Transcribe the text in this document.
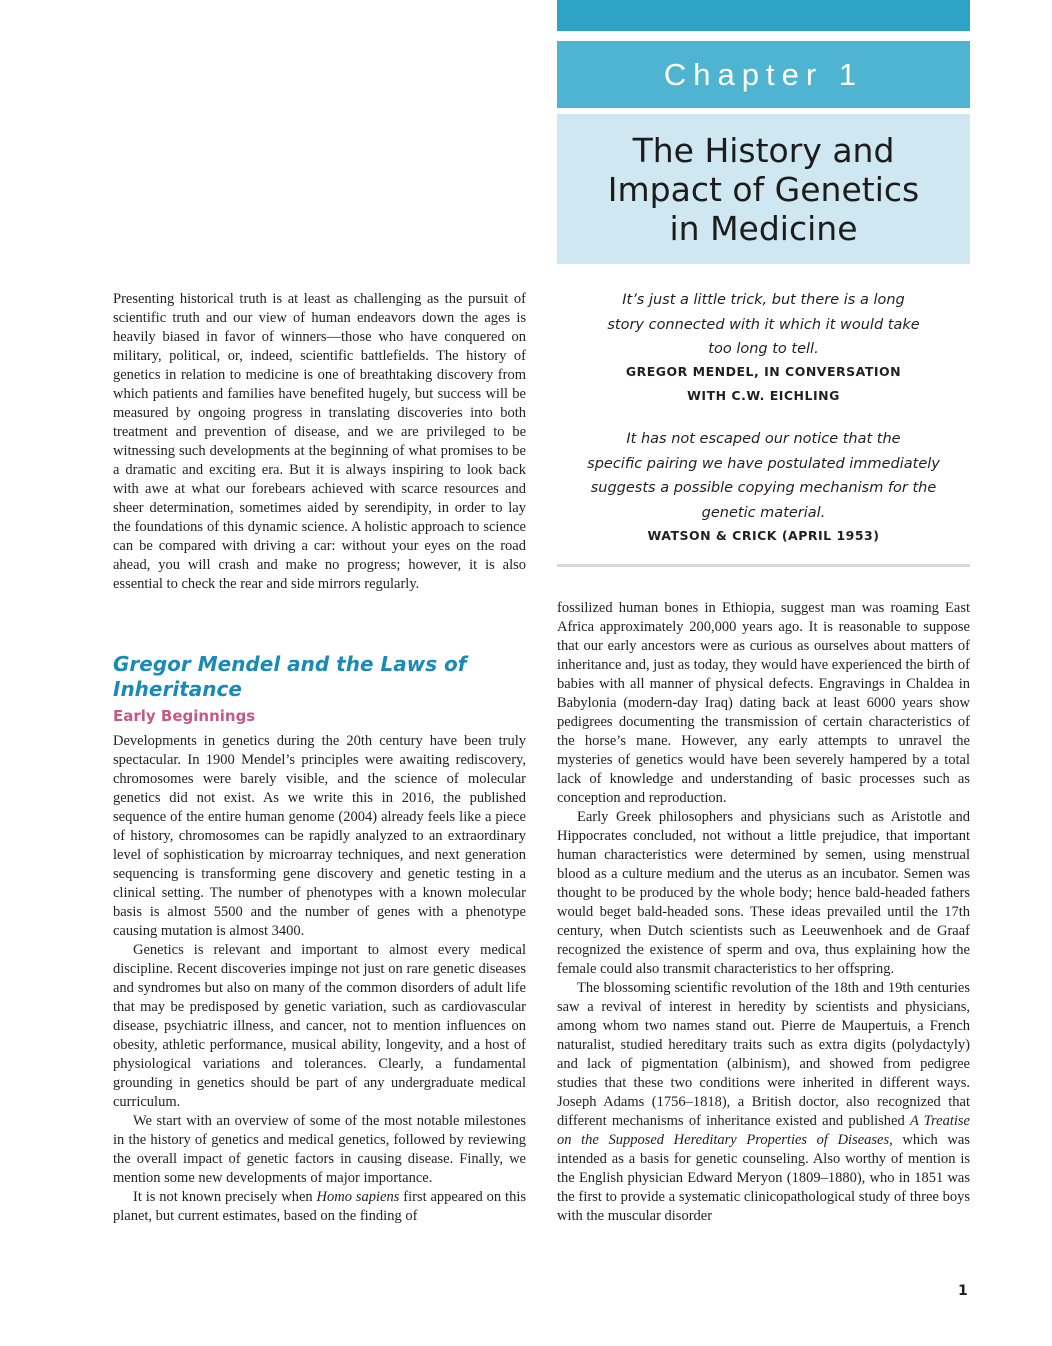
Chapter 1
The History and
Impact of Genetics
in Medicine
It’s just a little trick, but there is a long
story connected with it which it would take
too long to tell.
GREGOR MENDEL, IN CONVERSATION
WITH C.W. EICHLING
It has not escaped our notice that the
specific pairing we have postulated immediately
suggests a possible copying mechanism for the
genetic material.
WATSON & CRICK (APRIL 1953)

Presenting historical truth is at least as challenging as the pursuit of scientific truth and our view of human endeavors down the ages is heavily biased in favor of winners—those who have conquered on military, political, or, indeed, scientific battlefields. The history of genetics in relation to medicine is one of breathtaking discovery from which patients and families have benefited hugely, but success will be measured by ongoing progress in translating discoveries into both treatment and prevention of disease, and we are privileged to be witnessing such developments at the beginning of what promises to be a dramatic and exciting era. But it is always inspiring to look back with awe at what our forebears achieved with scarce resources and sheer determination, sometimes aided by serendipity, in order to lay the foundations of this dynamic science. A holistic approach to science can be compared with driving a car: without your eyes on the road ahead, you will crash and make no progress; however, it is also essential to check the rear and side mirrors regularly.

Gregor Mendel and the Laws of Inheritance
Early Beginnings

Developments in genetics during the 20th century have been truly spectacular. In 1900 Mendel’s principles were awaiting rediscovery, chromosomes were barely visible, and the science of molecular genetics did not exist. As we write this in 2016, the published sequence of the entire human genome (2004) already feels like a piece of history, chromosomes can be rapidly analyzed to an extraordinary level of sophistication by microarray techniques, and next generation sequencing is transforming gene discovery and genetic testing in a clinical setting. The number of phenotypes with a known molecular basis is almost 5500 and the number of genes with a phenotype causing mutation is almost 3400.

Genetics is relevant and important to almost every medical discipline. Recent discoveries impinge not just on rare genetic diseases and syndromes but also on many of the common disorders of adult life that may be predisposed by genetic variation, such as cardiovascular disease, psychiatric illness, and cancer, not to mention influences on obesity, athletic performance, musical ability, longevity, and a host of physiological variations and tolerances. Clearly, a fundamental grounding in genetics should be part of any undergraduate medical curriculum.

We start with an overview of some of the most notable milestones in the history of genetics and medical genetics, followed by reviewing the overall impact of genetic factors in causing disease. Finally, we mention some new developments of major importance.

It is not known precisely when Homo sapiens first appeared on this planet, but current estimates, based on the finding of

fossilized human bones in Ethiopia, suggest man was roaming East Africa approximately 200,000 years ago. It is reasonable to suppose that our early ancestors were as curious as ourselves about matters of inheritance and, just as today, they would have experienced the birth of babies with all manner of physical defects. Engravings in Chaldea in Babylonia (modern-day Iraq) dating back at least 6000 years show pedigrees documenting the transmission of certain characteristics of the horse’s mane. However, any early attempts to unravel the mysteries of genetics would have been severely hampered by a total lack of knowledge and understanding of basic processes such as conception and reproduction.

Early Greek philosophers and physicians such as Aristotle and Hippocrates concluded, not without a little prejudice, that important human characteristics were determined by semen, using menstrual blood as a culture medium and the uterus as an incubator. Semen was thought to be produced by the whole body; hence bald-headed fathers would beget bald-headed sons. These ideas prevailed until the 17th century, when Dutch scientists such as Leeuwenhoek and de Graaf recognized the existence of sperm and ova, thus explaining how the female could also transmit characteristics to her offspring.

The blossoming scientific revolution of the 18th and 19th centuries saw a revival of interest in heredity by scientists and physicians, among whom two names stand out. Pierre de Maupertuis, a French naturalist, studied hereditary traits such as extra digits (polydactyly) and lack of pigmentation (albinism), and showed from pedigree studies that these two conditions were inherited in different ways. Joseph Adams (1756–1818), a British doctor, also recognized that different mechanisms of inheritance existed and published A Treatise on the Supposed Hereditary Properties of Diseases, which was intended as a basis for genetic counseling. Also worthy of mention is the English physician Edward Meryon (1809–1880), who in 1851 was the first to provide a systematic clinicopathological study of three boys with the muscular disorder

1
